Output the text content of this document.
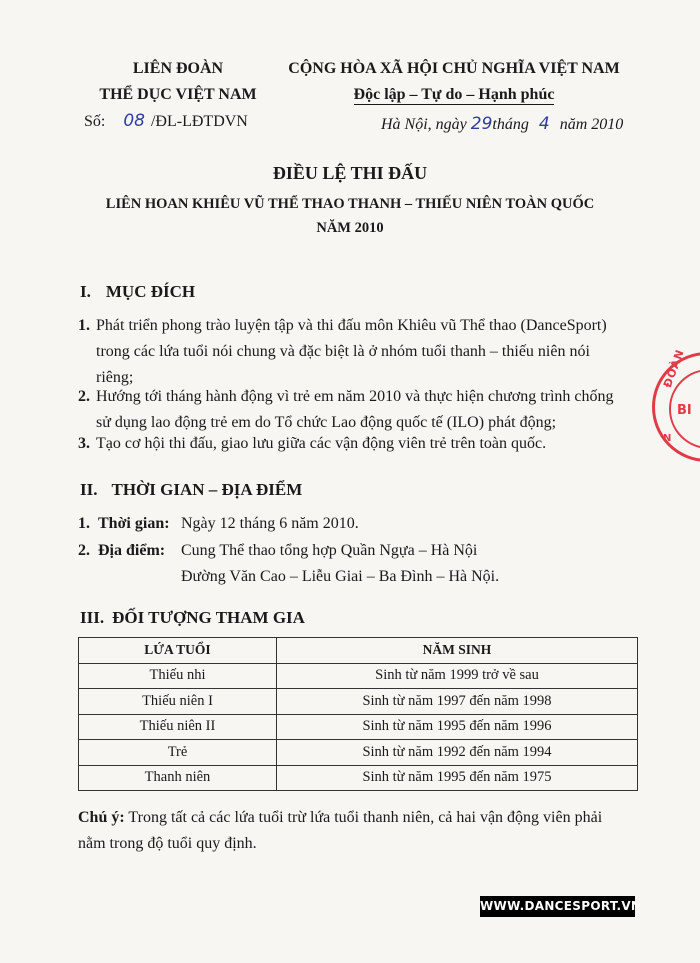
LIÊN ĐOÀN
THỂ DỤC VIỆT NAM
Số: 08 /ĐL-LĐTDVN
CỘNG HÒA XÃ HỘI CHỦ NGHĨA VIỆT NAM
Độc lập – Tự do – Hạnh phúc
Hà Nội, ngày 29tháng 4 năm 2010
ĐIỀU LỆ THI ĐẤU
LIÊN HOAN KHIÊU VŨ THỂ THAO THANH – THIẾU NIÊN TOÀN QUỐC
NĂM 2010
I. MỤC ĐÍCH
1. Phát triển phong trào luyện tập và thi đấu môn Khiêu vũ Thể thao (DanceSport)
trong các lứa tuổi nói chung và đặc biệt là ở nhóm tuổi thanh – thiếu niên nói
riêng;
2. Hướng tới tháng hành động vì trẻ em năm 2010 và thực hiện chương trình chống
sử dụng lao động trẻ em do Tổ chức Lao động quốc tế (ILO) phát động;
3. Tạo cơ hội thi đấu, giao lưu giữa các vận động viên trẻ trên toàn quốc.
II. THỜI GIAN – ĐỊA ĐIỂM
1. Thời gian: Ngày 12 tháng 6 năm 2010.
2. Địa điểm: Cung Thể thao tổng hợp Quần Ngựa – Hà Nội
Đường Văn Cao – Liễu Giai – Ba Đình – Hà Nội.
III. ĐỐI TƯỢNG THAM GIA
LỨA TUỔI	NĂM SINH
Thiếu nhi	Sinh từ năm 1999 trở về sau
Thiếu niên I	Sinh từ năm 1997 đến năm 1998
Thiếu niên II	Sinh từ năm 1995 đến năm 1996
Trẻ	Sinh từ năm 1992 đến năm 1994
Thanh niên	Sinh từ năm 1995 đến năm 1975
Chú ý: Trong tất cả các lứa tuổi trừ lứa tuổi thanh niên, cả hai vận động viên phải
nằm trong độ tuổi quy định.
ĐOÀN
BI
N
WWW.DANCESPORT.VN
